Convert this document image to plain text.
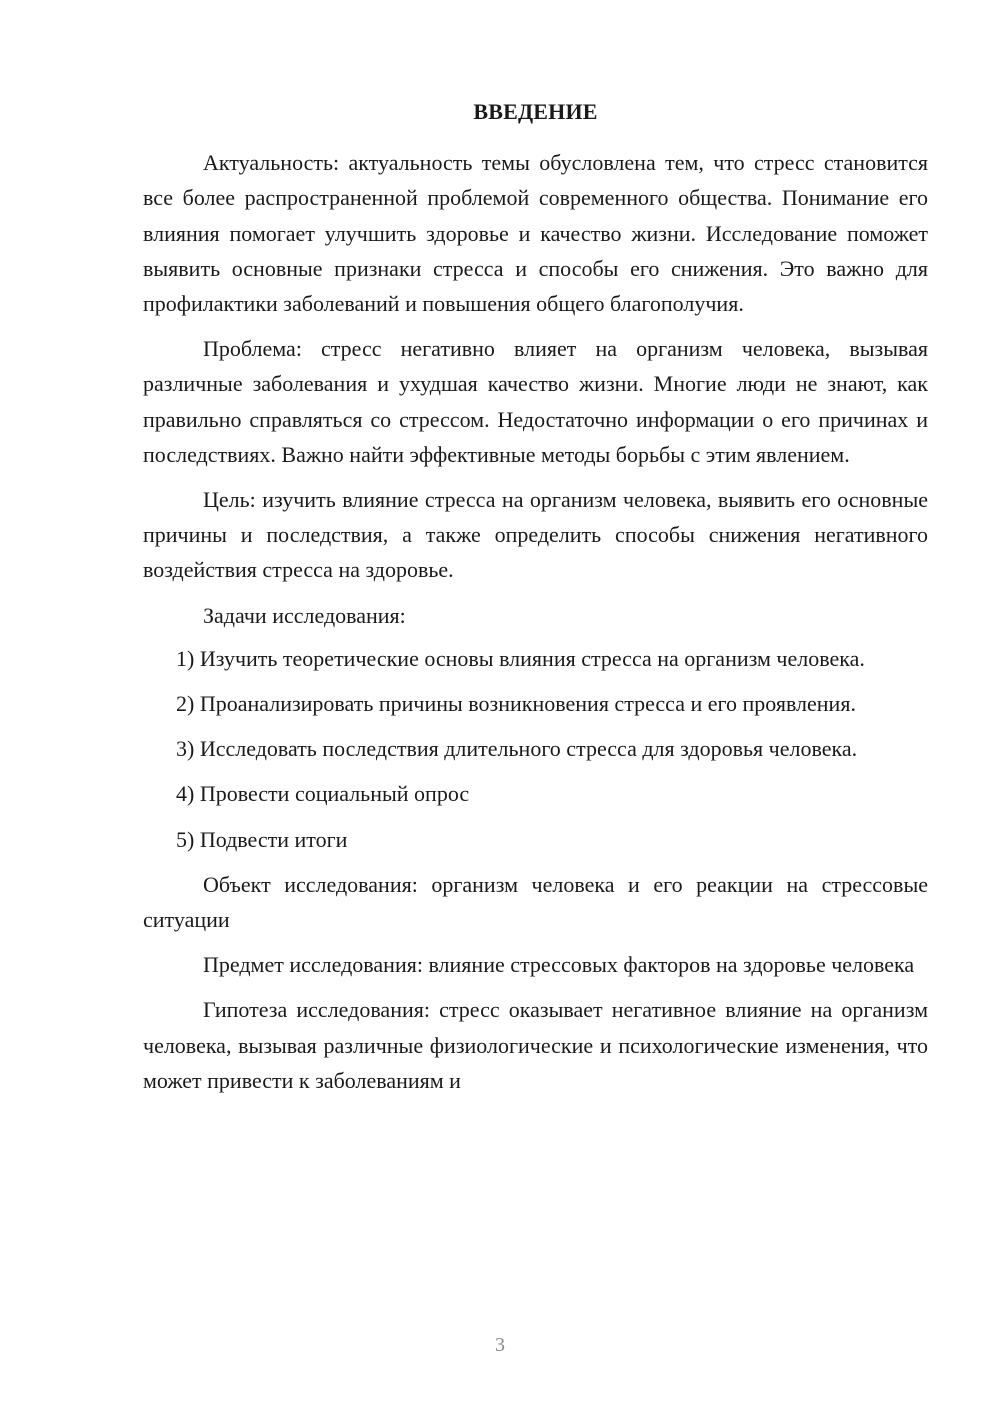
ВВЕДЕНИЕ

Актуальность: актуальность темы обусловлена тем, что стресс становится все более распространенной проблемой современного общества. Понимание его влияния помогает улучшить здоровье и качество жизни. Исследование поможет выявить основные признаки стресса и способы его снижения. Это важно для профилактики заболеваний и повышения общего благополучия.

Проблема: стресс негативно влияет на организм человека, вызывая различные заболевания и ухудшая качество жизни. Многие люди не знают, как правильно справляться со стрессом. Недостаточно информации о его причинах и последствиях. Важно найти эффективные методы борьбы с этим явлением.

Цель: изучить влияние стресса на организм человека, выявить его основные причины и последствия, а также определить способы снижения негативного воздействия стресса на здоровье.

Задачи исследования:

1) Изучить теоретические основы влияния стресса на организм человека.

2) Проанализировать причины возникновения стресса и его проявления.

3) Исследовать последствия длительного стресса для здоровья человека.

4) Провести социальный опрос

5) Подвести итоги

Объект исследования: организм человека и его реакции на стрессовые ситуации

Предмет исследования: влияние стрессовых факторов на здоровье человека

Гипотеза исследования: стресс оказывает негативное влияние на организм человека, вызывая различные физиологические и психологические изменения, что может привести к заболеваниям и

3
